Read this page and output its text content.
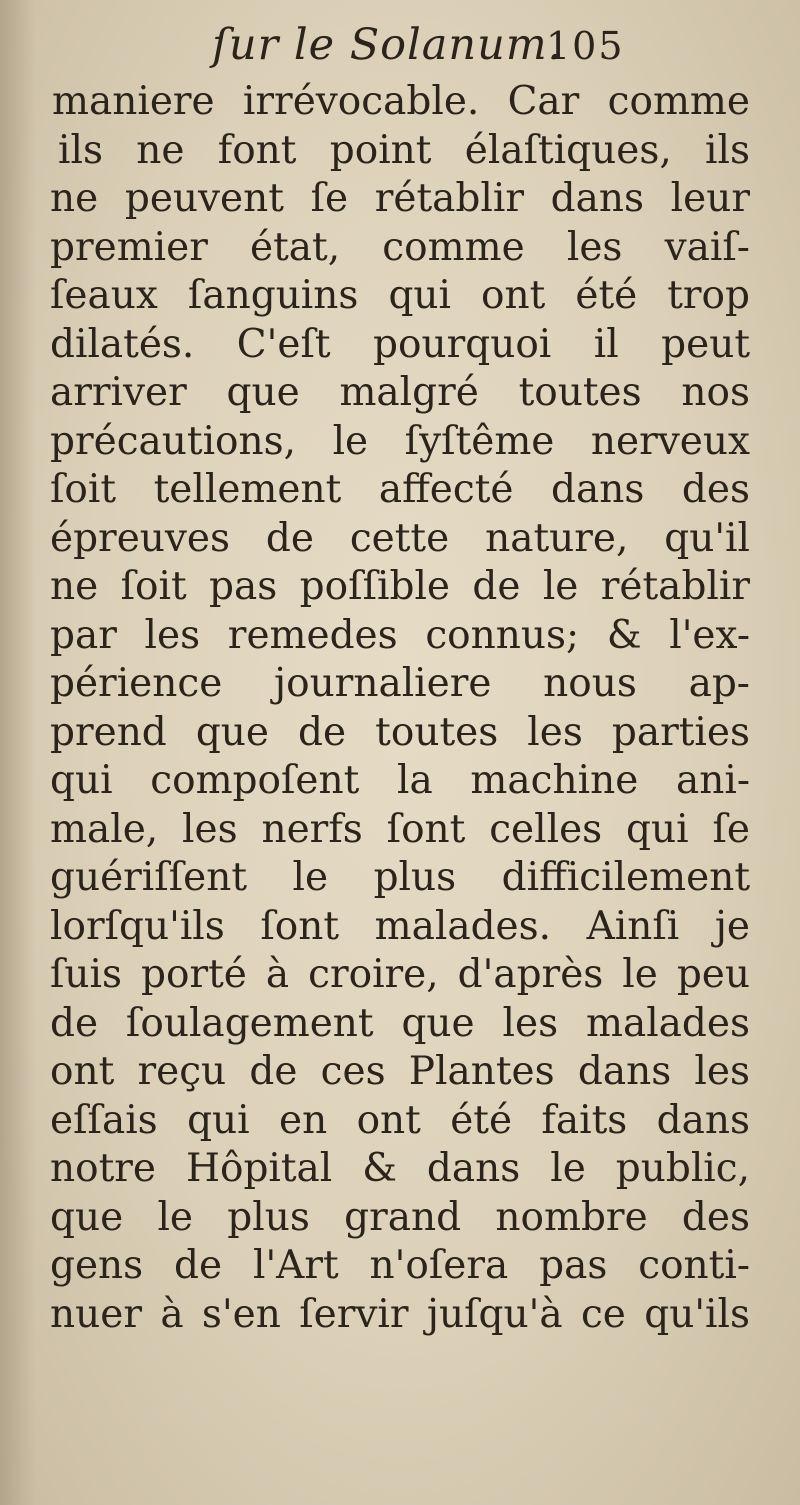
ſur le Solanum.
105
maniere irrévocable. Car comme
ils ne font point élaſtiques, ils
ne peuvent ſe rétablir dans leur
premier état, comme les vaiſ-
ſeaux ſanguins qui ont été trop
dilatés. C'eſt pourquoi il peut
arriver que malgré toutes nos
précautions, le ſyſtême nerveux
ſoit tellement affecté dans des
épreuves de cette nature, qu'il
ne ſoit pas poſſible de le rétablir
par les remedes connus; & l'ex-
périence journaliere nous ap-
prend que de toutes les parties
qui compoſent la machine ani-
male, les nerfs ſont celles qui ſe
guériſſent le plus difficilement
lorſqu'ils ſont malades. Ainſi je
ſuis porté à croire, d'après le peu
de ſoulagement que les malades
ont reçu de ces Plantes dans les
eſſais qui en ont été faits dans
notre Hôpital & dans le public,
que le plus grand nombre des
gens de l'Art n'oſera pas conti-
nuer à s'en ſervir juſqu'à ce qu'ils
